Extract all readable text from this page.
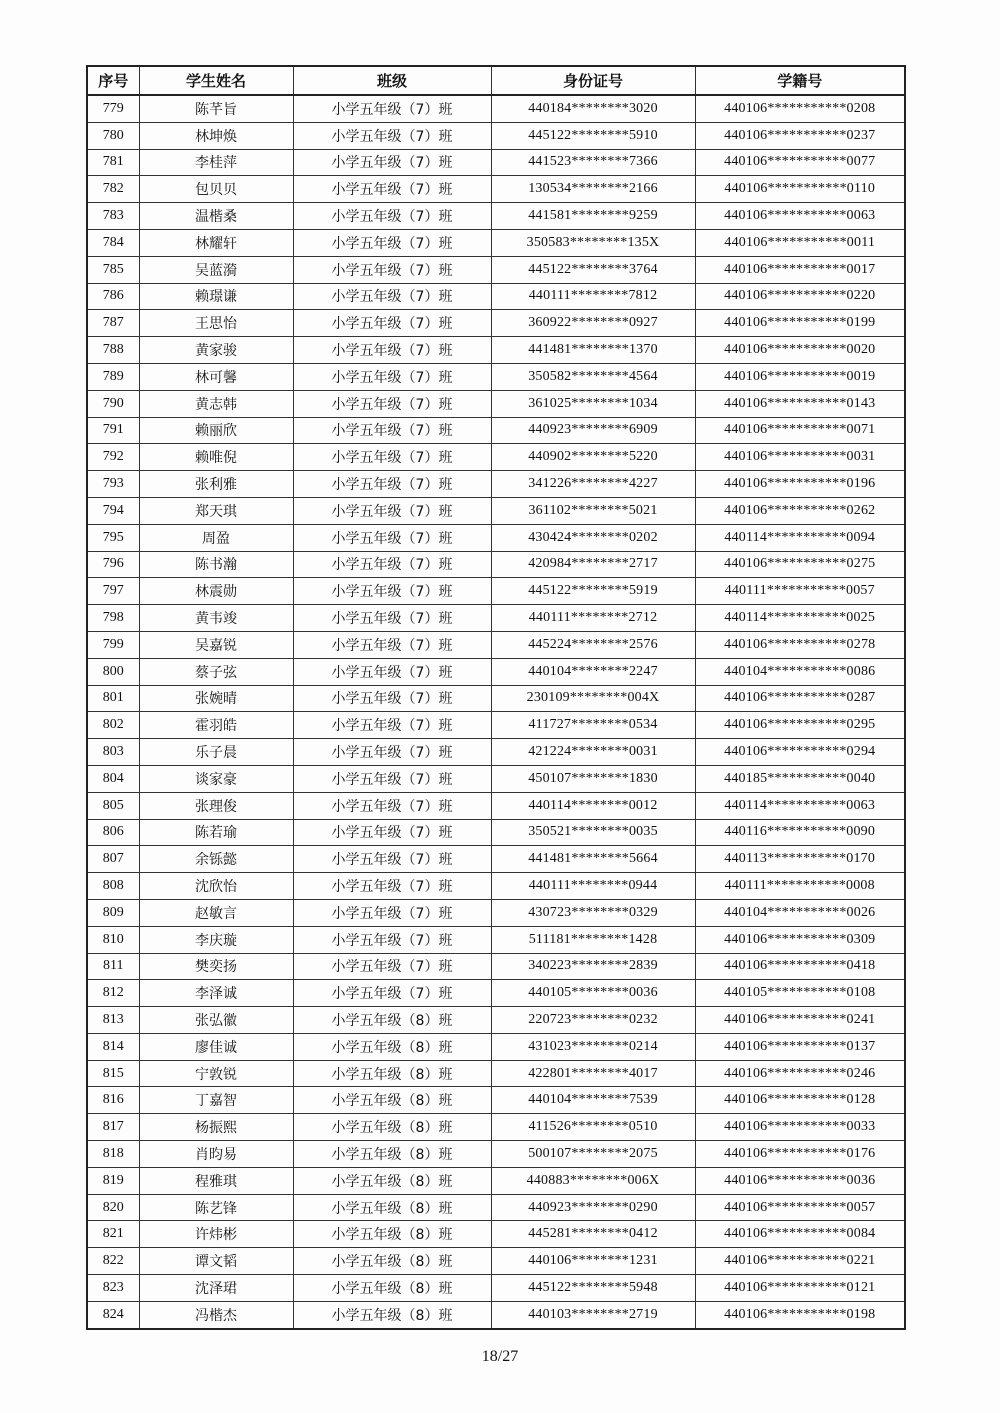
序号	学生姓名	班级	身份证号	学籍号
779	陈芊旨	小学五年级（7）班	440184********3020	440106***********0208
780	林坤焕	小学五年级（7）班	445122********5910	440106***********0237
781	李桂萍	小学五年级（7）班	441523********7366	440106***********0077
782	包贝贝	小学五年级（7）班	130534********2166	440106***********0110
783	温楷桑	小学五年级（7）班	441581********9259	440106***********0063
784	林耀轩	小学五年级（7）班	350583********135X	440106***********0011
785	吴蓝漪	小学五年级（7）班	445122********3764	440106***********0017
786	赖璟谦	小学五年级（7）班	440111********7812	440106***********0220
787	王思怡	小学五年级（7）班	360922********0927	440106***********0199
788	黄家骏	小学五年级（7）班	441481********1370	440106***********0020
789	林可馨	小学五年级（7）班	350582********4564	440106***********0019
790	黄志韩	小学五年级（7）班	361025********1034	440106***********0143
791	赖丽欣	小学五年级（7）班	440923********6909	440106***********0071
792	赖唯倪	小学五年级（7）班	440902********5220	440106***********0031
793	张利雅	小学五年级（7）班	341226********4227	440106***********0196
794	郑天琪	小学五年级（7）班	361102********5021	440106***********0262
795	周盈	小学五年级（7）班	430424********0202	440114***********0094
796	陈书瀚	小学五年级（7）班	420984********2717	440106***********0275
797	林震勋	小学五年级（7）班	445122********5919	440111***********0057
798	黄韦竣	小学五年级（7）班	440111********2712	440114***********0025
799	吴嘉锐	小学五年级（7）班	445224********2576	440106***********0278
800	蔡子弦	小学五年级（7）班	440104********2247	440104***********0086
801	张婉晴	小学五年级（7）班	230109********004X	440106***********0287
802	霍羽皓	小学五年级（7）班	411727********0534	440106***********0295
803	乐子晨	小学五年级（7）班	421224********0031	440106***********0294
804	谈家豪	小学五年级（7）班	450107********1830	440185***********0040
805	张理俊	小学五年级（7）班	440114********0012	440114***********0063
806	陈若瑜	小学五年级（7）班	350521********0035	440116***********0090
807	余铄懿	小学五年级（7）班	441481********5664	440113***********0170
808	沈欣怡	小学五年级（7）班	440111********0944	440111***********0008
809	赵敏言	小学五年级（7）班	430723********0329	440104***********0026
810	李庆璇	小学五年级（7）班	511181********1428	440106***********0309
811	樊奕扬	小学五年级（7）班	340223********2839	440106***********0418
812	李泽诚	小学五年级（7）班	440105********0036	440105***********0108
813	张弘徽	小学五年级（8）班	220723********0232	440106***********0241
814	廖佳诚	小学五年级（8）班	431023********0214	440106***********0137
815	宁敦锐	小学五年级（8）班	422801********4017	440106***********0246
816	丁嘉智	小学五年级（8）班	440104********7539	440106***********0128
817	杨振熙	小学五年级（8）班	411526********0510	440106***********0033
818	肖昀易	小学五年级（8）班	500107********2075	440106***********0176
819	程雅琪	小学五年级（8）班	440883********006X	440106***********0036
820	陈艺锋	小学五年级（8）班	440923********0290	440106***********0057
821	许炜彬	小学五年级（8）班	445281********0412	440106***********0084
822	谭文韬	小学五年级（8）班	440106********1231	440106***********0221
823	沈泽珺	小学五年级（8）班	445122********5948	440106***********0121
824	冯楷杰	小学五年级（8）班	440103********2719	440106***********0198
18/27
